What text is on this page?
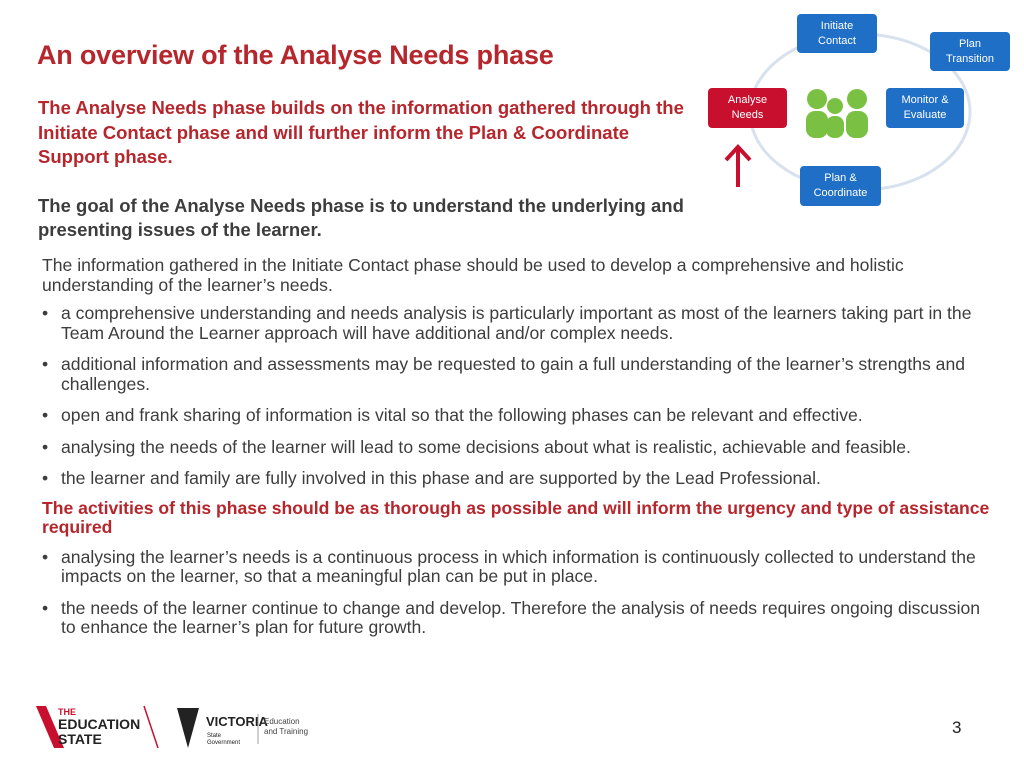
An overview of the Analyse Needs phase
The Analyse Needs phase builds on the information gathered through the Initiate Contact phase and will further inform the Plan & Coordinate Support phase.
The goal of the Analyse Needs phase is to understand the underlying and presenting issues of the learner.
Initiate
Contact	Plan
Transition
Analyse
Needs
Monitor &
Evaluate
Plan &
Coordinate

The information gathered in the Initiate Contact phase should be used to develop a comprehensive and holistic understanding of the learner’s needs.

• a comprehensive understanding and needs analysis is particularly important as most of the learners taking part in the Team Around the Learner approach will have additional and/or complex needs.
• additional information and assessments may be requested to gain a full understanding of the learner’s strengths and challenges.
• open and frank sharing of information is vital so that the following phases can be relevant and effective.
• analysing the needs of the learner will lead to some decisions about what is realistic, achievable and feasible.
• the learner and family are fully involved in this phase and are supported by the Lead Professional.

The activities of this phase should be as thorough as possible and will inform the urgency and type of assistance required

• analysing the learner’s needs is a continuous process in which information is continuously collected to understand the impacts on the learner, so that a meaningful plan can be put in place.
• the needs of the learner continue to change and develop. Therefore the analysis of needs requires ongoing discussion to enhance the learner’s plan for future growth.
THE
EDUCATION
STATE
VICTORIA
State
Government
Education
and Training	3
